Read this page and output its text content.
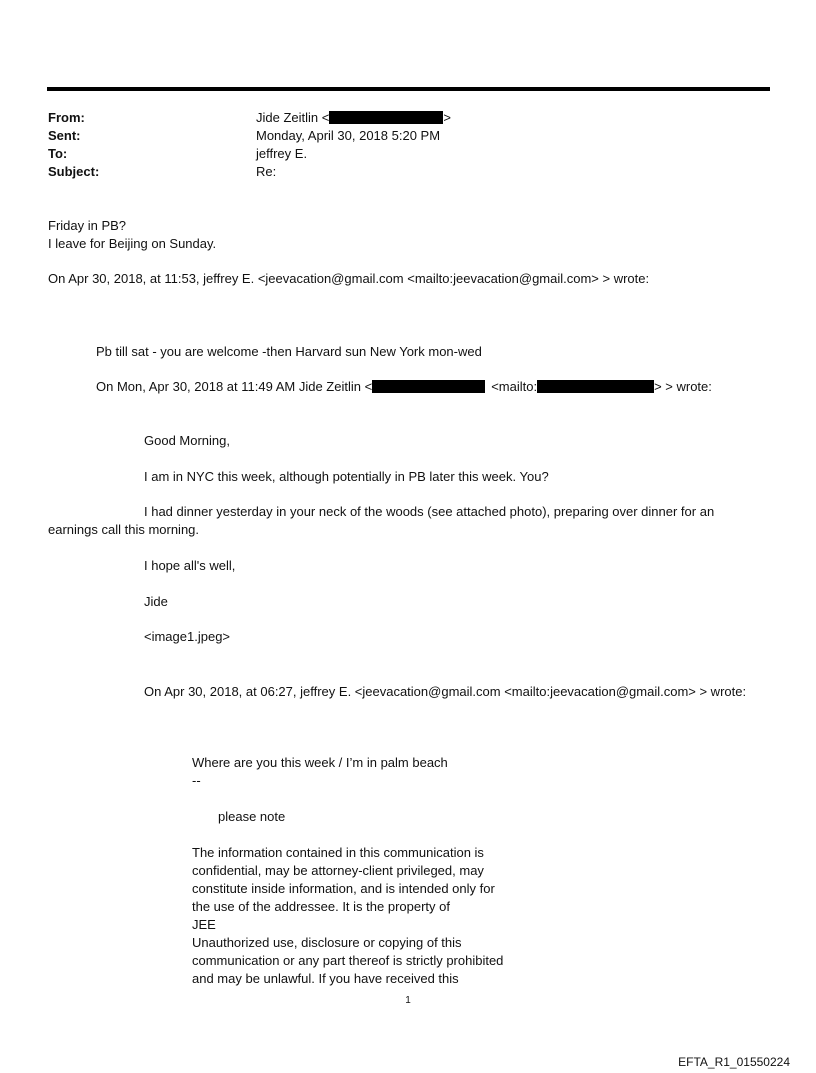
From:	Jide Zeitlin <	>
Sent:	Monday, April 30, 2018 5:20 PM
To:	jeffrey E.
Subject:	Re:
Friday in PB?
I leave for Beijing on Sunday.
On Apr 30, 2018, at 11:53, jeffrey E. <jeevacation@gmail.com <mailto:jeevacation@gmail.com> > wrote:
Pb till sat - you are welcome -then Harvard sun New York mon-wed
On Mon, Apr 30, 2018 at 11:49 AM Jide Zeitlin <	<mailto:	> > wrote:
Good Morning,
I am in NYC this week, although potentially in PB later this week. You?
I had dinner yesterday in your neck of the woods (see attached photo), preparing over dinner for an
earnings call this morning.
I hope all's well,
Jide
<image1.jpeg>
On Apr 30, 2018, at 06:27, jeffrey E. <jeevacation@gmail.com <mailto:jeevacation@gmail.com> > wrote:
Where are you this week / I’m in palm beach
--
please note
The information contained in this communication is
confidential, may be attorney-client privileged, may
constitute inside information, and is intended only for
the use of the addressee. It is the property of
JEE
Unauthorized use, disclosure or copying of this
communication or any part thereof is strictly prohibited
and may be unlawful. If you have received this
1
EFTA_R1_01550224
